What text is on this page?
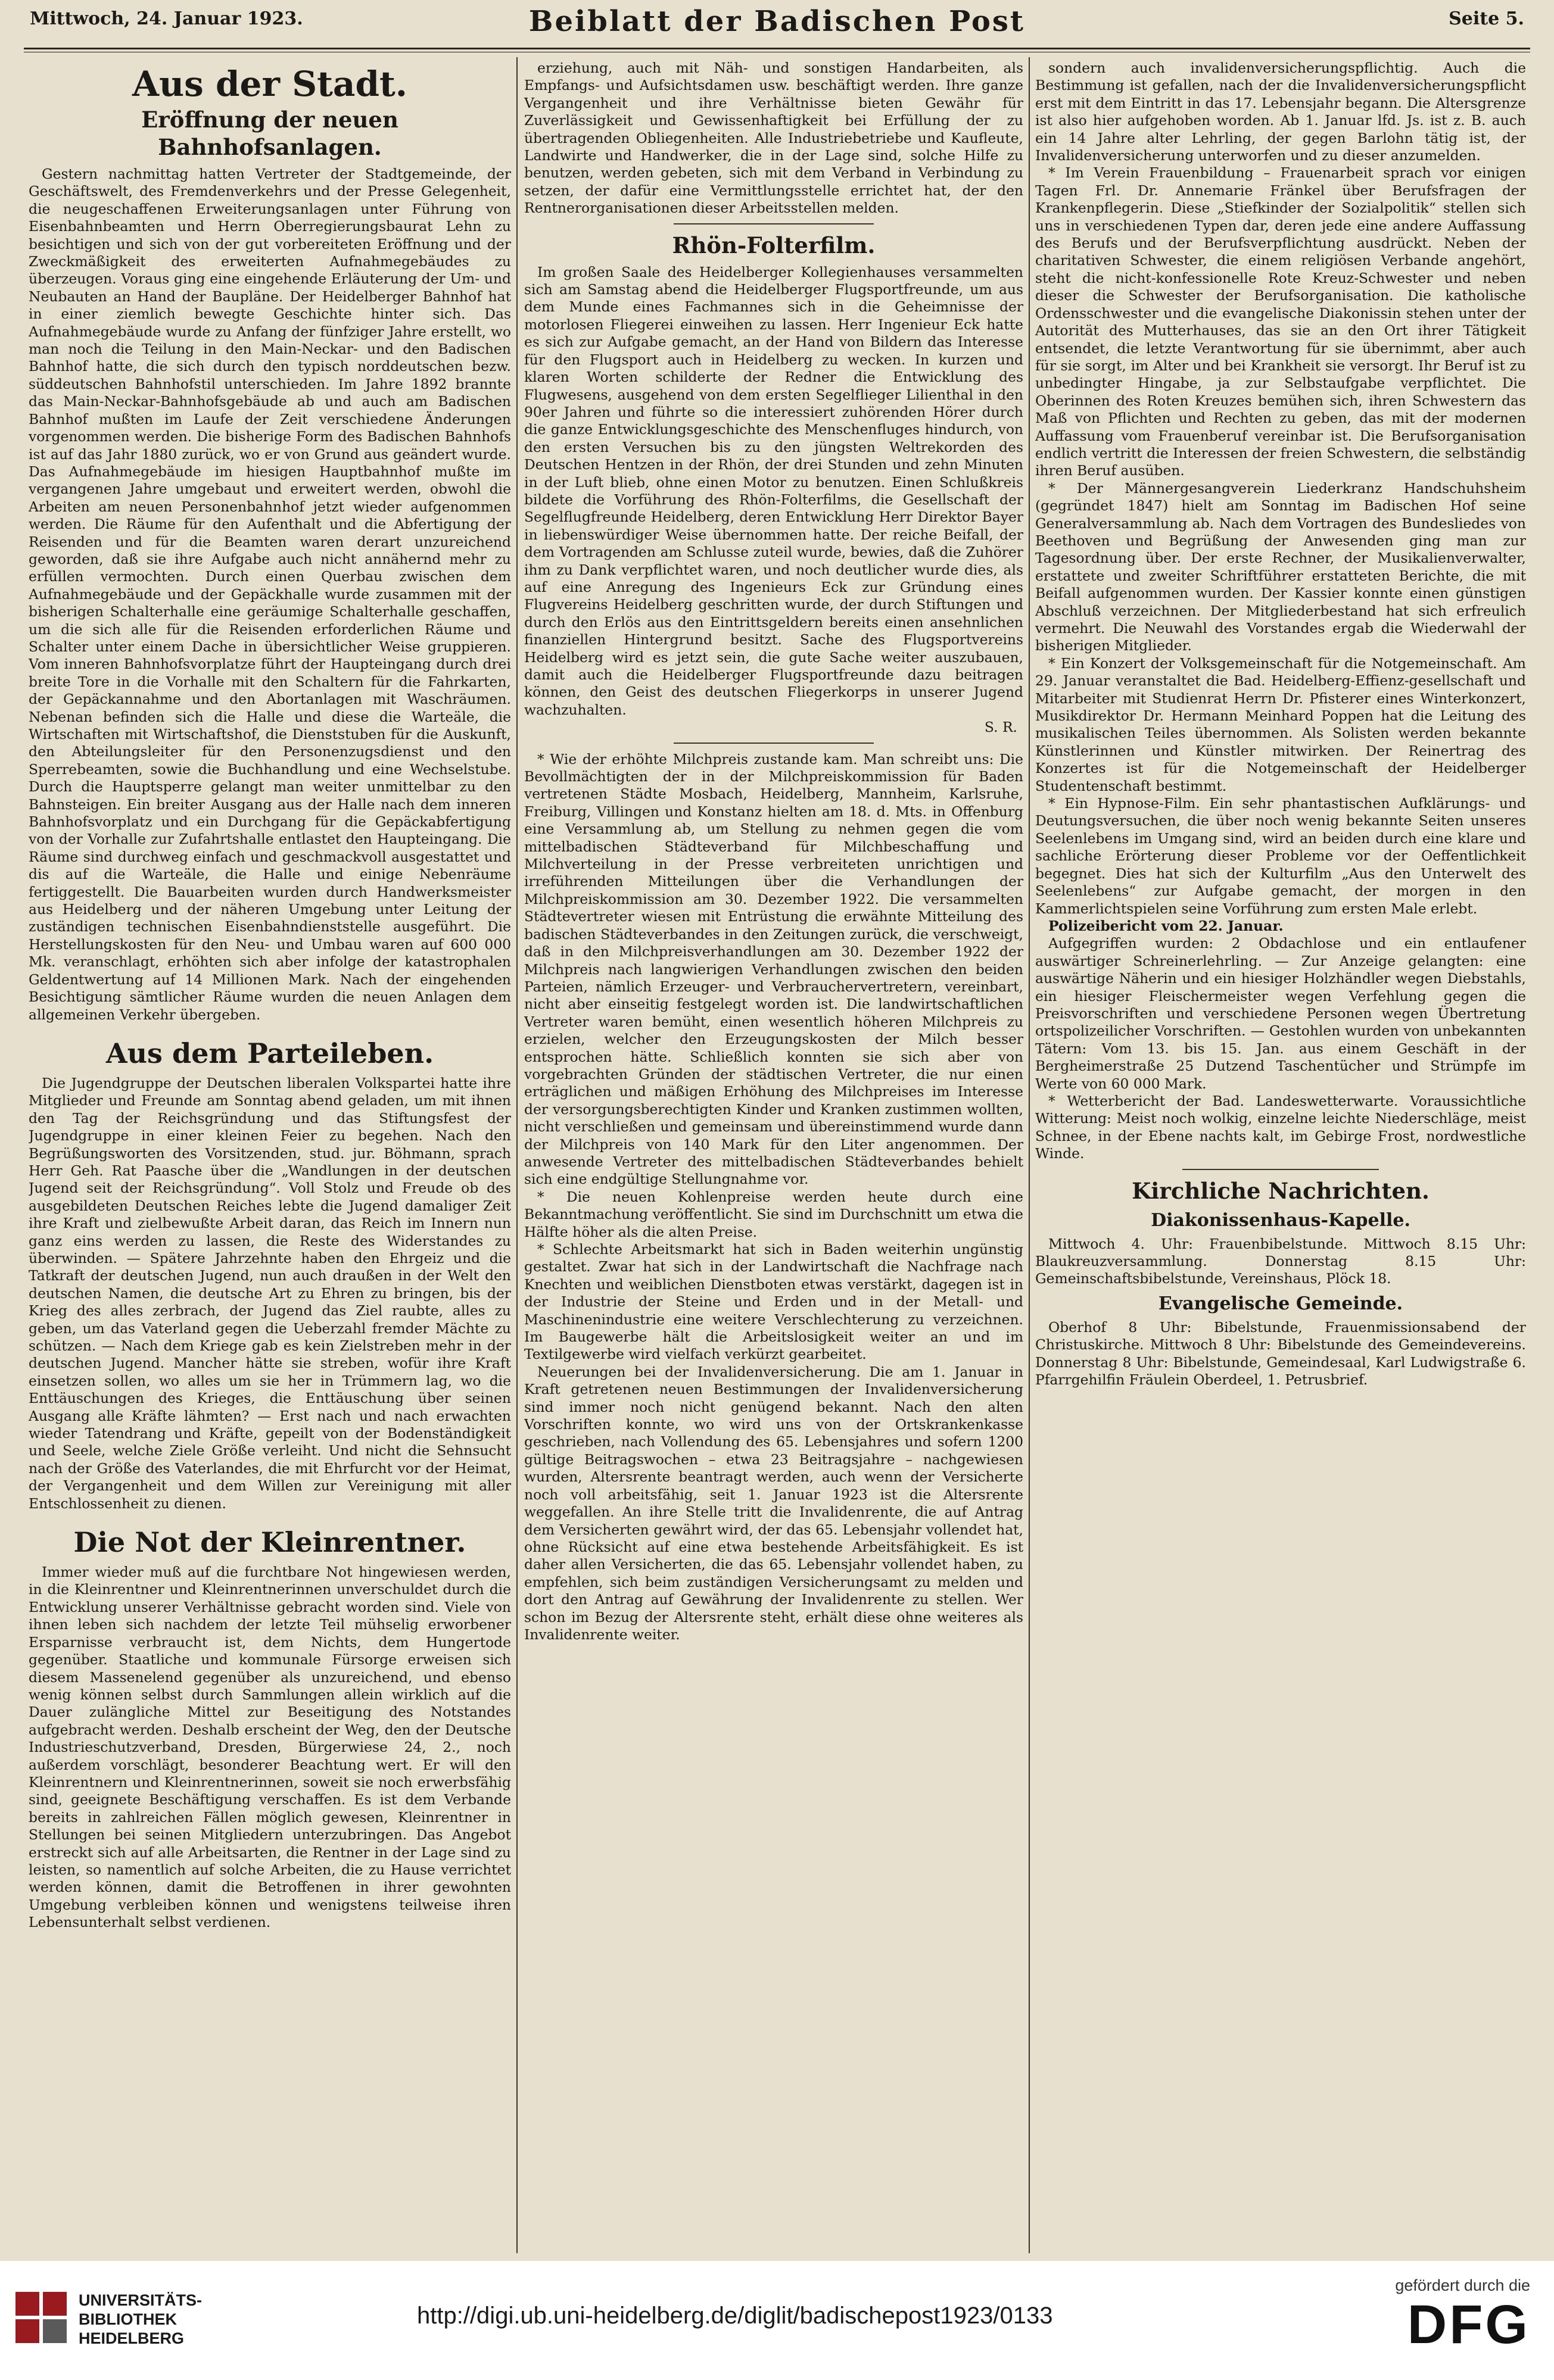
Mittwoch, 24. Januar 1923.	Beiblatt der Badischen Post	Seite 5.
Aus der Stadt.
Eröffnung der neuen Bahnhofsanlagen.

Gestern nachmittag hatten Vertreter der Stadtgemeinde, der Geschäftswelt, des Fremdenverkehrs und der Presse Gelegenheit, die neugeschaffenen Erweiterungsanlagen unter Führung von Eisenbahnbeamten und Herrn Oberregierungsbaurat Lehn zu besichtigen und sich von der gut vorbereiteten Eröffnung und der Zweckmäßigkeit des erweiterten Aufnahmegebäudes zu überzeugen. Voraus ging eine eingehende Erläuterung der Um- und Neubauten an Hand der Baupläne. Der Heidelberger Bahnhof hat in einer ziemlich bewegte Geschichte hinter sich. Das Aufnahmegebäude wurde zu Anfang der fünfziger Jahre erstellt, wo man noch die Teilung in den Main-Neckar- und den Badischen Bahnhof hatte, die sich durch den typisch norddeutschen bezw. süddeutschen Bahnhofstil unterschieden. Im Jahre 1892 brannte das Main-Neckar-Bahnhofsgebäude ab und auch am Badischen Bahnhof mußten im Laufe der Zeit verschiedene Änderungen vorgenommen werden. Die bisherige Form des Badischen Bahnhofs ist auf das Jahr 1880 zurück, wo er von Grund aus geändert wurde. Das Aufnahmegebäude im hiesigen Hauptbahnhof mußte im vergangenen Jahre umgebaut und erweitert werden, obwohl die Arbeiten am neuen Personenbahnhof jetzt wieder aufgenommen werden. Die Räume für den Aufenthalt und die Abfertigung der Reisenden und für die Beamten waren derart unzureichend geworden, daß sie ihre Aufgabe auch nicht annähernd mehr zu erfüllen vermochten. Durch einen Querbau zwischen dem Aufnahmegebäude und der Gepäckhalle wurde zusammen mit der bisherigen Schalterhalle eine geräumige Schalterhalle geschaffen, um die sich alle für die Reisenden erforderlichen Räume und Schalter unter einem Dache in übersichtlicher Weise gruppieren. Vom inneren Bahnhofsvorplatze führt der Haupteingang durch drei breite Tore in die Vorhalle mit den Schaltern für die Fahrkarten, der Gepäckannahme und den Abortanlagen mit Waschräumen. Nebenan befinden sich die Halle und diese die Warteäle, die Wirtschaften mit Wirtschaftshof, die Dienststuben für die Auskunft, den Abteilungsleiter für den Personenzugsdienst und den Sperrebeamten, sowie die Buchhandlung und eine Wechselstube. Durch die Hauptsperre gelangt man weiter unmittelbar zu den Bahnsteigen. Ein breiter Ausgang aus der Halle nach dem inneren Bahnhofsvorplatz und ein Durchgang für die Gepäckabfertigung von der Vorhalle zur Zufahrtshalle entlastet den Haupteingang. Die Räume sind durchweg einfach und geschmackvoll ausgestattet und dis auf die Warteäle, die Halle und einige Nebenräume fertiggestellt. Die Bauarbeiten wurden durch Handwerksmeister aus Heidelberg und der näheren Umgebung unter Leitung der zuständigen technischen Eisenbahndienststelle ausgeführt. Die Herstellungskosten für den Neu- und Umbau waren auf 600 000 Mk. veranschlagt, erhöhten sich aber infolge der katastrophalen Geldentwertung auf 14 Millionen Mark. Nach der eingehenden Besichtigung sämtlicher Räume wurden die neuen Anlagen dem allgemeinen Verkehr übergeben.

Aus dem Parteileben.

Die Jugendgruppe der Deutschen liberalen Volkspartei hatte ihre Mitglieder und Freunde am Sonntag abend geladen, um mit ihnen den Tag der Reichsgründung und das Stiftungsfest der Jugendgruppe in einer kleinen Feier zu begehen. Nach den Begrüßungsworten des Vorsitzenden, stud. jur. Böhmann, sprach Herr Geh. Rat Paasche über die „Wandlungen in der deutschen Jugend seit der Reichsgründung“. Voll Stolz und Freude ob des ausgebildeten Deutschen Reiches lebte die Jugend damaliger Zeit ihre Kraft und zielbewußte Arbeit daran, das Reich im Innern nun ganz eins werden zu lassen, die Reste des Widerstandes zu überwinden. — Spätere Jahrzehnte haben den Ehrgeiz und die Tatkraft der deutschen Jugend, nun auch draußen in der Welt den deutschen Namen, die deutsche Art zu Ehren zu bringen, bis der Krieg des alles zerbrach, der Jugend das Ziel raubte, alles zu geben, um das Vaterland gegen die Ueberzahl fremder Mächte zu schützen. — Nach dem Kriege gab es kein Zielstreben mehr in der deutschen Jugend. Mancher hätte sie streben, wofür ihre Kraft einsetzen sollen, wo alles um sie her in Trümmern lag, wo die Enttäuschungen des Krieges, die Enttäuschung über seinen Ausgang alle Kräfte lähmten? — Erst nach und nach erwachten wieder Tatendrang und Kräfte, gepeilt von der Bodenständigkeit und Seele, welche Ziele Größe verleiht. Und nicht die Sehnsucht nach der Größe des Vaterlandes, die mit Ehrfurcht vor der Heimat, der Vergangenheit und dem Willen zur Vereinigung mit aller Entschlossenheit zu dienen.

Die Not der Kleinrentner.

Immer wieder muß auf die furchtbare Not hingewiesen werden, in die Kleinrentner und Kleinrentnerinnen unverschuldet durch die Entwicklung unserer Verhältnisse gebracht worden sind. Viele von ihnen leben sich nachdem der letzte Teil mühselig erworbener Ersparnisse verbraucht ist, dem Nichts, dem Hungertode gegenüber. Staatliche und kommunale Fürsorge erweisen sich diesem Massenelend gegenüber als unzureichend, und ebenso wenig können selbst durch Sammlungen allein wirklich auf die Dauer zulängliche Mittel zur Beseitigung des Notstandes aufgebracht werden. Deshalb erscheint der Weg, den der Deutsche Industrieschutzverband, Dresden, Bürgerwiese 24, 2., noch außerdem vorschlägt, besonderer Beachtung wert. Er will den Kleinrentnern und Kleinrentnerinnen, soweit sie noch erwerbsfähig sind, geeignete Beschäftigung verschaffen. Es ist dem Verbande bereits in zahlreichen Fällen möglich gewesen, Kleinrentner in Stellungen bei seinen Mitgliedern unterzubringen. Das Angebot erstreckt sich auf alle Arbeitsarten, die Rentner in der Lage sind zu leisten, so namentlich auf solche Arbeiten, die zu Hause verrichtet werden können, damit die Betroffenen in ihrer gewohnten Umgebung verbleiben können und wenigstens teilweise ihren Lebensunterhalt selbst verdienen.

erziehung, auch mit Näh- und sonstigen Handarbeiten, als Empfangs- und Aufsichtsdamen usw. beschäftigt werden. Ihre ganze Vergangenheit und ihre Verhältnisse bieten Gewähr für Zuverlässigkeit und Gewissenhaftigkeit bei Erfüllung der zu übertragenden Obliegenheiten. Alle Industriebetriebe und Kaufleute, Landwirte und Handwerker, die in der Lage sind, solche Hilfe zu benutzen, werden gebeten, sich mit dem Verband in Verbindung zu setzen, der dafür eine Vermittlungsstelle errichtet hat, der den Rentnerorganisationen dieser Arbeitsstellen melden.

Rhön-Folterfilm.

Im großen Saale des Heidelberger Kollegienhauses versammelten sich am Samstag abend die Heidelberger Flugsportfreunde, um aus dem Munde eines Fachmannes sich in die Geheimnisse der motorlosen Fliegerei einweihen zu lassen. Herr Ingenieur Eck hatte es sich zur Aufgabe gemacht, an der Hand von Bildern das Interesse für den Flugsport auch in Heidelberg zu wecken. In kurzen und klaren Worten schilderte der Redner die Entwicklung des Flugwesens, ausgehend von dem ersten Segelflieger Lilienthal in den 90er Jahren und führte so die interessiert zuhörenden Hörer durch die ganze Entwicklungsgeschichte des Menschenfluges hindurch, von den ersten Versuchen bis zu den jüngsten Weltrekorden des Deutschen Hentzen in der Rhön, der drei Stunden und zehn Minuten in der Luft blieb, ohne einen Motor zu benutzen. Einen Schlußkreis bildete die Vorführung des Rhön-Folterfilms, die Gesellschaft der Segelflugfreunde Heidelberg, deren Entwicklung Herr Direktor Bayer in liebenswürdiger Weise übernommen hatte. Der reiche Beifall, der dem Vortragenden am Schlusse zuteil wurde, bewies, daß die Zuhörer ihm zu Dank verpflichtet waren, und noch deutlicher wurde dies, als auf eine Anregung des Ingenieurs Eck zur Gründung eines Flugvereins Heidelberg geschritten wurde, der durch Stiftungen und durch den Erlös aus den Eintrittsgeldern bereits einen ansehnlichen finanziellen Hintergrund besitzt. Sache des Flugsportvereins Heidelberg wird es jetzt sein, die gute Sache weiter auszubauen, damit auch die Heidelberger Flugsportfreunde dazu beitragen können, den Geist des deutschen Fliegerkorps in unserer Jugend wachzuhalten.

S. R.

* Wie der erhöhte Milchpreis zustande kam. Man schreibt uns: Die Bevollmächtigten der in der Milchpreiskommission für Baden vertretenen Städte Mosbach, Heidelberg, Mannheim, Karlsruhe, Freiburg, Villingen und Konstanz hielten am 18. d. Mts. in Offenburg eine Versammlung ab, um Stellung zu nehmen gegen die vom mittelbadischen Städteverband für Milchbeschaffung und Milchverteilung in der Presse verbreiteten unrichtigen und irreführenden Mitteilungen über die Verhandlungen der Milchpreiskommission am 30. Dezember 1922. Die versammelten Städtevertreter wiesen mit Entrüstung die erwähnte Mitteilung des badischen Städteverbandes in den Zeitungen zurück, die verschweigt, daß in den Milchpreisverhandlungen am 30. Dezember 1922 der Milchpreis nach langwierigen Verhandlungen zwischen den beiden Parteien, nämlich Erzeuger- und Verbrauchervertretern, vereinbart, nicht aber einseitig festgelegt worden ist. Die landwirtschaftlichen Vertreter waren bemüht, einen wesentlich höheren Milchpreis zu erzielen, welcher den Erzeugungskosten der Milch besser entsprochen hätte. Schließlich konnten sie sich aber von vorgebrachten Gründen der städtischen Vertreter, die nur einen erträglichen und mäßigen Erhöhung des Milchpreises im Interesse der versorgungsberechtigten Kinder und Kranken zustimmen wollten, nicht verschließen und gemeinsam und übereinstimmend wurde dann der Milchpreis von 140 Mark für den Liter angenommen. Der anwesende Vertreter des mittelbadischen Städteverbandes behielt sich eine endgültige Stellungnahme vor.

* Die neuen Kohlenpreise werden heute durch eine Bekanntmachung veröffentlicht. Sie sind im Durchschnitt um etwa die Hälfte höher als die alten Preise.

* Schlechte Arbeitsmarkt hat sich in Baden weiterhin ungünstig gestaltet. Zwar hat sich in der Landwirtschaft die Nachfrage nach Knechten und weiblichen Dienstboten etwas verstärkt, dagegen ist in der Industrie der Steine und Erden und in der Metall- und Maschinenindustrie eine weitere Verschlechterung zu verzeichnen. Im Baugewerbe hält die Arbeitslosigkeit weiter an und im Textilgewerbe wird vielfach verkürzt gearbeitet.

Neuerungen bei der Invalidenversicherung. Die am 1. Januar in Kraft getretenen neuen Bestimmungen der Invalidenversicherung sind immer noch nicht genügend bekannt. Nach den alten Vorschriften konnte, wo wird uns von der Ortskrankenkasse geschrieben, nach Vollendung des 65. Lebensjahres und sofern 1200 gültige Beitragswochen – etwa 23 Beitragsjahre – nachgewiesen wurden, Altersrente beantragt werden, auch wenn der Versicherte noch voll arbeitsfähig, seit 1. Januar 1923 ist die Altersrente weggefallen. An ihre Stelle tritt die Invalidenrente, die auf Antrag dem Versicherten gewährt wird, der das 65. Lebensjahr vollendet hat, ohne Rücksicht auf eine etwa bestehende Arbeitsfähigkeit. Es ist daher allen Versicherten, die das 65. Lebensjahr vollendet haben, zu empfehlen, sich beim zuständigen Versicherungsamt zu melden und dort den Antrag auf Gewährung der Invalidenrente zu stellen. Wer schon im Bezug der Altersrente steht, erhält diese ohne weiteres als Invalidenrente weiter.

sondern auch invalidenversicherungspflichtig. Auch die Bestimmung ist gefallen, nach der die Invalidenversicherungspflicht erst mit dem Eintritt in das 17. Lebensjahr begann. Die Altersgrenze ist also hier aufgehoben worden. Ab 1. Januar lfd. Js. ist z. B. auch ein 14 Jahre alter Lehrling, der gegen Barlohn tätig ist, der Invalidenversicherung unterworfen und zu dieser anzumelden.

* Im Verein Frauenbildung – Frauenarbeit sprach vor einigen Tagen Frl. Dr. Annemarie Fränkel über Berufsfragen der Krankenpflegerin. Diese „Stiefkinder der Sozialpolitik“ stellen sich uns in verschiedenen Typen dar, deren jede eine andere Auffassung des Berufs und der Berufsverpflichtung ausdrückt. Neben der charitativen Schwester, die einem religiösen Verbande angehört, steht die nicht-konfessionelle Rote Kreuz-Schwester und neben dieser die Schwester der Berufsorganisation. Die katholische Ordensschwester und die evangelische Diakonissin stehen unter der Autorität des Mutterhauses, das sie an den Ort ihrer Tätigkeit entsendet, die letzte Verantwortung für sie übernimmt, aber auch für sie sorgt, im Alter und bei Krankheit sie versorgt. Ihr Beruf ist zu unbedingter Hingabe, ja zur Selbstaufgabe verpflichtet. Die Oberinnen des Roten Kreuzes bemühen sich, ihren Schwestern das Maß von Pflichten und Rechten zu geben, das mit der modernen Auffassung vom Frauenberuf vereinbar ist. Die Berufsorganisation endlich vertritt die Interessen der freien Schwestern, die selbständig ihren Beruf ausüben.

* Der Männergesangverein Liederkranz Handschuhsheim (gegründet 1847) hielt am Sonntag im Badischen Hof seine Generalversammlung ab. Nach dem Vortragen des Bundesliedes von Beethoven und Begrüßung der Anwesenden ging man zur Tagesordnung über. Der erste Rechner, der Musikalienverwalter, erstattete und zweiter Schriftführer erstatteten Berichte, die mit Beifall aufgenommen wurden. Der Kassier konnte einen günstigen Abschluß verzeichnen. Der Mitgliederbestand hat sich erfreulich vermehrt. Die Neuwahl des Vorstandes ergab die Wiederwahl der bisherigen Mitglieder.

* Ein Konzert der Volksgemeinschaft für die Notgemeinschaft. Am 29. Januar veranstaltet die Bad. Heidelberg-Effienz-gesellschaft und Mitarbeiter mit Studienrat Herrn Dr. Pfisterer eines Winterkonzert, Musikdirektor Dr. Hermann Meinhard Poppen hat die Leitung des musikalischen Teiles übernommen. Als Solisten werden bekannte Künstlerinnen und Künstler mitwirken. Der Reinertrag des Konzertes ist für die Notgemeinschaft der Heidelberger Studentenschaft bestimmt.

* Ein Hypnose-Film. Ein sehr phantastischen Aufklärungs- und Deutungsversuchen, die über noch wenig bekannte Seiten unseres Seelenlebens im Umgang sind, wird an beiden durch eine klare und sachliche Erörterung dieser Probleme vor der Oeffentlichkeit begegnet. Dies hat sich der Kulturfilm „Aus den Unterwelt des Seelenlebens“ zur Aufgabe gemacht, der morgen in den Kammerlichtspielen seine Vorführung zum ersten Male erlebt.

Polizeibericht vom 22. Januar.

Aufgegriffen wurden: 2 Obdachlose und ein entlaufener auswärtiger Schreinerlehrling. — Zur Anzeige gelangten: eine auswärtige Näherin und ein hiesiger Holzhändler wegen Diebstahls, ein hiesiger Fleischermeister wegen Verfehlung gegen die Preisvorschriften und verschiedene Personen wegen Übertretung ortspolizeilicher Vorschriften. — Gestohlen wurden von unbekannten Tätern: Vom 13. bis 15. Jan. aus einem Geschäft in der Bergheimerstraße 25 Dutzend Taschentücher und Strümpfe im Werte von 60 000 Mark.

* Wetterbericht der Bad. Landeswetterwarte. Voraussichtliche Witterung: Meist noch wolkig, einzelne leichte Niederschläge, meist Schnee, in der Ebene nachts kalt, im Gebirge Frost, nordwestliche Winde.

Kirchliche Nachrichten.
Diakonissenhaus-Kapelle.

Mittwoch 4. Uhr: Frauenbibelstunde. Mittwoch 8.15 Uhr: Blaukreuzversammlung. Donnerstag 8.15 Uhr: Gemeinschaftsbibelstunde, Vereinshaus, Plöck 18.

Evangelische Gemeinde.

Oberhof 8 Uhr: Bibelstunde, Frauenmissionsabend der Christuskirche. Mittwoch 8 Uhr: Bibelstunde des Gemeindevereins. Donnerstag 8 Uhr: Bibelstunde, Gemeindesaal, Karl Ludwigstraße 6. Pfarrgehilfin Fräulein Oberdeel, 1. Petrusbrief.

UNIVERSITÄTS-
BIBLIOTHEK
HEIDELBERG
http://digi.ub.uni-heidelberg.de/diglit/badischepost1923/0133
gefördert durch die
DFG
